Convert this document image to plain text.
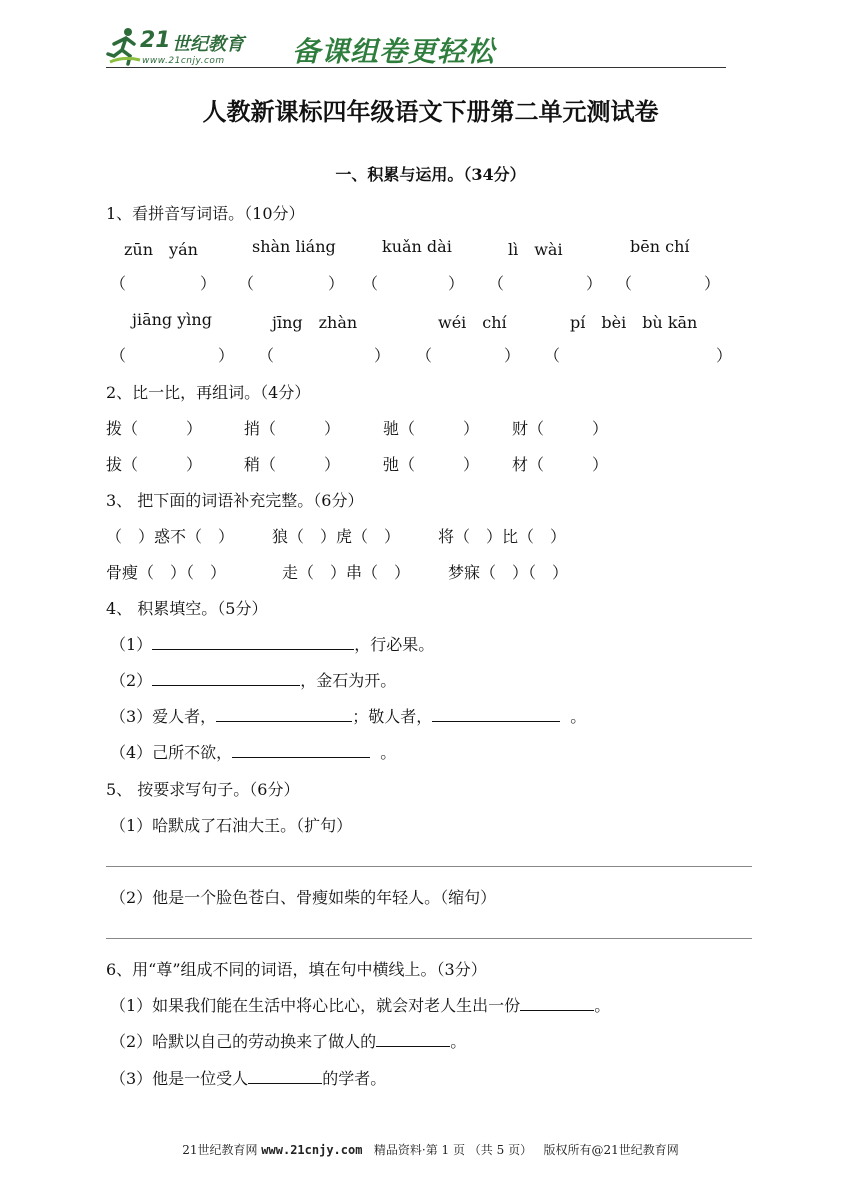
21 世纪教育
www.21cnjy.com 备课组卷更轻松
人教新课标四年级语文下册第二单元测试卷
一、积累与运用。（34分）
1、看拼音写词语。（10分）
zūn　yán	shàn liáng	kuǎn dài	lì　wài	bēn chí
（	） （	） （	） （	） （	）
jiāng yìng	jīng　zhàn	wéi　chí	pí　bèi　bù kān
（	） （	） （	） （	）
2、比一比，再组词。（4分）
拨（　　　）	捎（　　　）	驰（　　　） 财（　　　）
拔（　　　）	稍（　　　）	弛（　　　） 材（　　　）
3、 把下面的词语补充完整。（6分）
（　）惑不（　） 狼（　）虎（　） 将（　）比（　）
骨瘦（　）（　）	走（　）串（　） 梦寐（　）（　）
4、 积累填空。（5分）
（1）	，行必果。
（2）	，金石为开。
（3）爱人者，	；敬人者，	。
（4）己所不欲，	。
5、 按要求写句子。（6分）
（1）哈默成了石油大王。（扩句）
（2）他是一个脸色苍白、骨瘦如柴的年轻人。（缩句）
6、用“尊”组成不同的词语，填在句中横线上。（3分）
（1）如果我们能在生活中将心比心，就会对老人生出一份	。
（2）哈默以自己的劳动换来了做人的	。
（3）他是一位受人	的学者。
21世纪教育网 www.21cnjy.com 精品资料·第 1 页 （共 5 页） 版权所有@21世纪教育网
